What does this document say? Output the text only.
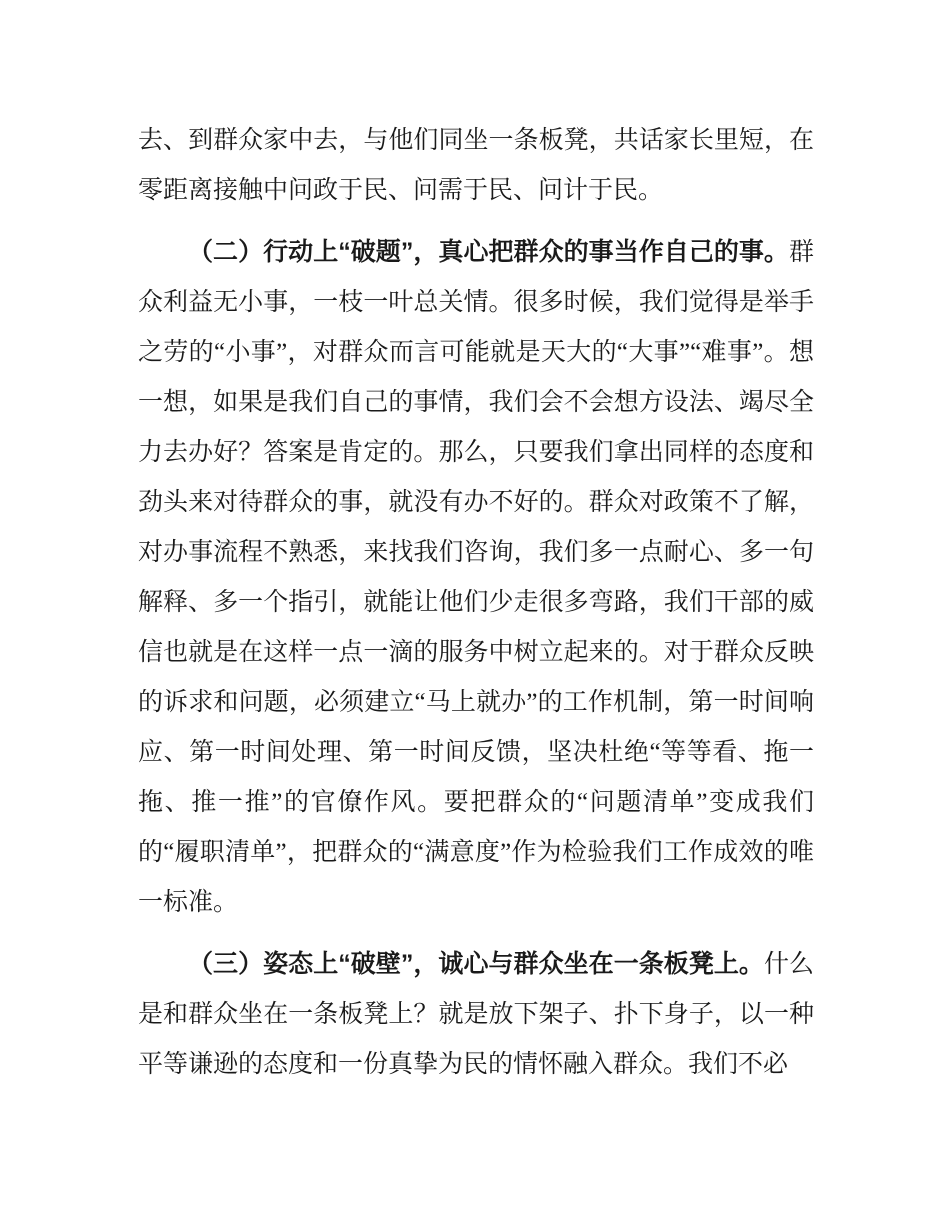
去、到群众家中去，与他们同坐一条板凳，共话家长里短，在零距离接触中问政于民、问需于民、问计于民。

（二）行动上“破题”，真心把群众的事当作自己的事。群众利益无小事，一枝一叶总关情。很多时候，我们觉得是举手之劳的“小事”，对群众而言可能就是天大的“大事”“难事”。想一想，如果是我们自己的事情，我们会不会想方设法、竭尽全力去办好？答案是肯定的。那么，只要我们拿出同样的态度和劲头来对待群众的事，就没有办不好的。群众对政策不了解，对办事流程不熟悉，来找我们咨询，我们多一点耐心、多一句解释、多一个指引，就能让他们少走很多弯路，我们干部的威信也就是在这样一点一滴的服务中树立起来的。对于群众反映的诉求和问题，必须建立“马上就办”的工作机制，第一时间响应、第一时间处理、第一时间反馈，坚决杜绝“等等看、拖一拖、推一推”的官僚作风。要把群众的“问题清单”变成我们的“履职清单”，把群众的“满意度”作为检验我们工作成效的唯一标准。

（三）姿态上“破壁”，诚心与群众坐在一条板凳上。什么是和群众坐在一条板凳上？就是放下架子、扑下身子，以一种平等谦逊的态度和一份真挚为民的情怀融入群众。我们不必
